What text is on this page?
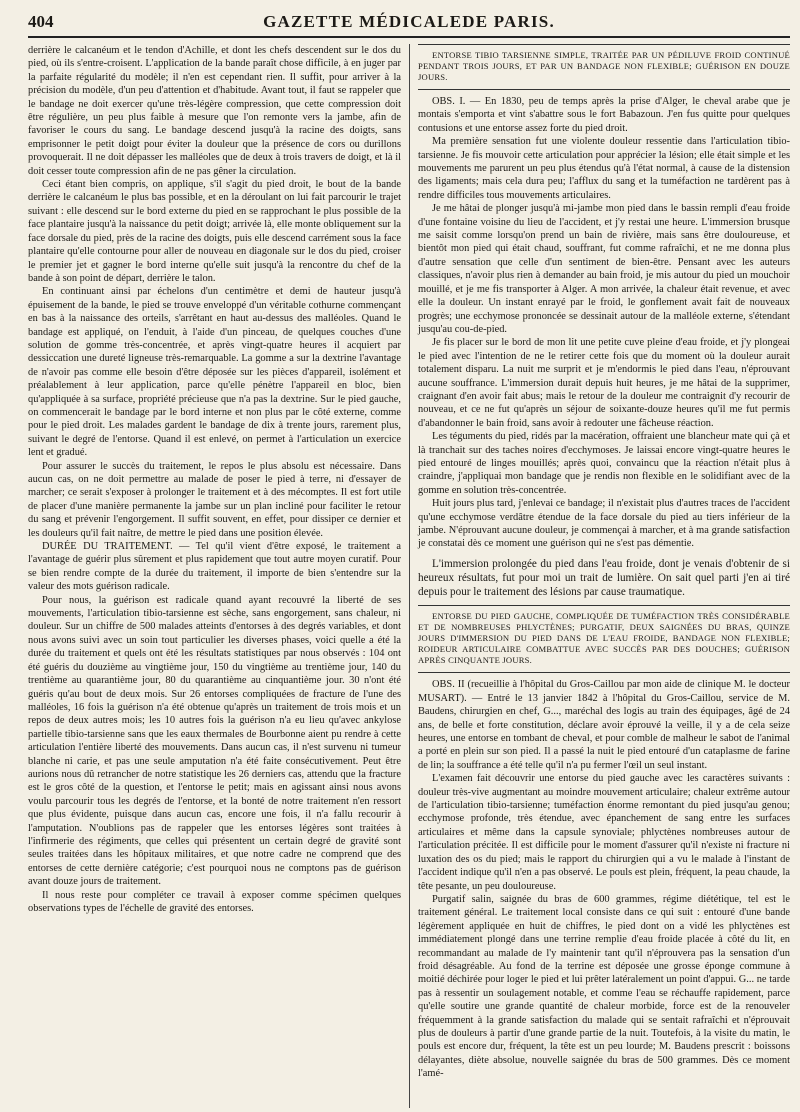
404	GAZETTE MÉDICALEDE PARIS.

derrière le calcanéum et le tendon d'Achille, et dont les chefs descendent sur le dos du pied, où ils s'entre-croisent. L'application de la bande paraît chose difficile, à en juger par la parfaite régularité du modèle; il n'en est cependant rien. Il suffit, pour arriver à la précision du modèle, d'un peu d'attention et d'habitude. Avant tout, il faut se rappeler que le bandage ne doit exercer qu'une très-légère compression, que cette compression doit être régulière, un peu plus faible à mesure que l'on remonte vers la jambe, afin de favoriser le cours du sang. Le bandage descend jusqu'à la racine des doigts, sans emprisonner le petit doigt pour éviter la douleur que la présence de cors ou durillons provoquerait. Il ne doit dépasser les malléoles que de deux à trois travers de doigt, et là il doit cesser toute compression afin de ne pas gêner la circulation.

Ceci étant bien compris, on applique, s'il s'agit du pied droit, le bout de la bande derrière le calcanéum le plus bas possible, et en la déroulant on lui fait parcourir le trajet suivant : elle descend sur le bord externe du pied en se rapprochant le plus possible de la face plantaire jusqu'à la naissance du petit doigt; arrivée là, elle monte obliquement sur la face dorsale du pied, près de la racine des doigts, puis elle descend carrément sous la face plantaire qu'elle contourne pour aller de nouveau en diagonale sur le dos du pied, croiser le premier jet et gagner le bord interne qu'elle suit jusqu'à la rencontre du chef de la bande à son point de départ, derrière le talon.

En continuant ainsi par échelons d'un centimètre et demi de hauteur jusqu'à épuisement de la bande, le pied se trouve enveloppé d'un véritable cothurne commençant en bas à la naissance des orteils, s'arrêtant en haut au-dessus des malléoles. Quand le bandage est appliqué, on l'enduit, à l'aide d'un pinceau, de quelques couches d'une solution de gomme très-concentrée, et après vingt-quatre heures il acquiert par dessiccation une dureté ligneuse très-remarquable. La gomme a sur la dextrine l'avantage de n'avoir pas comme elle besoin d'être déposée sur les pièces d'appareil, isolément et préalablement à leur application, parce qu'elle pénètre l'appareil en bloc, bien qu'appliquée à sa surface, propriété précieuse que n'a pas la dextrine. Sur le pied gauche, on commencerait le bandage par le bord interne et non plus par le côté externe, comme pour le pied droit. Les malades gardent le bandage de dix à trente jours, rarement plus, suivant le degré de l'entorse. Quand il est enlevé, on permet à l'articulation un exercice lent et gradué.

Pour assurer le succès du traitement, le repos le plus absolu est nécessaire. Dans aucun cas, on ne doit permettre au malade de poser le pied à terre, ni d'essayer de marcher; ce serait s'exposer à prolonger le traitement et à des mécomptes. Il est fort utile de placer d'une manière permanente la jambe sur un plan incliné pour faciliter le retour du sang et prévenir l'engorgement. Il suffit souvent, en effet, pour dissiper ce dernier et les douleurs qu'il fait naître, de mettre le pied dans une position élevée.

DURÉE DU TRAITEMENT. — Tel qu'il vient d'être exposé, le traitement a l'avantage de guérir plus sûrement et plus rapidement que tout autre moyen curatif. Pour se bien rendre compte de la durée du traitement, il importe de bien s'entendre sur la valeur des mots guérison radicale.

Pour nous, la guérison est radicale quand ayant recouvré la liberté de ses mouvements, l'articulation tibio-tarsienne est sèche, sans engorgement, sans chaleur, ni douleur. Sur un chiffre de 500 malades atteints d'entorses à des degrés variables, et dont nous avons suivi avec un soin tout particulier les diverses phases, voici quelle a été la durée du traitement et quels ont été les résultats statistiques par nous observés : 104 ont été guéris du douzième au vingtième jour, 150 du vingtième au trentième jour, 140 du trentième au quarantième jour, 80 du quarantième au cinquantième jour. 30 n'ont été guéris qu'au bout de deux mois. Sur 26 entorses compliquées de fracture de l'une des malléoles, 16 fois la guérison n'a été obtenue qu'après un traitement de trois mois et un repos de deux autres mois; les 10 autres fois la guérison n'a eu lieu qu'avec ankylose partielle tibio-tarsienne sans que les eaux thermales de Bourbonne aient pu rendre à cette articulation l'entière liberté des mouvements. Dans aucun cas, il n'est survenu ni tumeur blanche ni carie, et pas une seule amputation n'a été faite consécutivement. Peut être aurions nous dû retrancher de notre statistique les 26 derniers cas, attendu que la fracture est le gros côté de la question, et l'entorse le petit; mais en agissant ainsi nous avons voulu parcourir tous les degrés de l'entorse, et la bonté de notre traitement n'en ressort que plus évidente, puisque dans aucun cas, encore une fois, il n'a fallu recourir à l'amputation. N'oublions pas de rappeler que les entorses légères sont traitées à l'infirmerie des régiments, que celles qui présentent un certain degré de gravité sont seules traitées dans les hôpitaux militaires, et que notre cadre ne comprend que des entorses de cette dernière catégorie; c'est pourquoi nous ne comptons pas de guérison avant douze jours de traitement.

Il nous reste pour compléter ce travail à exposer comme spécimen quelques observations types de l'échelle de gravité des entorses.

ENTORSE TIBIO TARSIENNE SIMPLE, TRAITÉE PAR UN PÉDILUVE FROID CONTINUÉ PENDANT TROIS JOURS, ET PAR UN BANDAGE NON FLEXIBLE; GUÉRISON EN DOUZE JOURS.

OBS. I. — En 1830, peu de temps après la prise d'Alger, le cheval arabe que je montais s'emporta et vint s'abattre sous le fort Babazoun. J'en fus quitte pour quelques contusions et une entorse assez forte du pied droit.

Ma première sensation fut une violente douleur ressentie dans l'articulation tibio-tarsienne. Je fis mouvoir cette articulation pour apprécier la lésion; elle était simple et les mouvements me parurent un peu plus étendus qu'à l'état normal, à cause de la distension des ligaments; mais cela dura peu; l'afflux du sang et la tuméfaction ne tardèrent pas à rendre difficiles tous mouvements articulaires.

Je me hâtai de plonger jusqu'à mi-jambe mon pied dans le bassin rempli d'eau froide d'une fontaine voisine du lieu de l'accident, et j'y restai une heure. L'immersion brusque me saisit comme lorsqu'on prend un bain de rivière, mais sans être douloureuse, et bientôt mon pied qui était chaud, souffrant, fut comme rafraîchi, et ne me donna plus d'autre sensation que celle d'un sentiment de bien-être. Pensant avec les auteurs classiques, n'avoir plus rien à demander au bain froid, je mis autour du pied un mouchoir mouillé, et je me fis transporter à Alger. A mon arrivée, la chaleur était revenue, et avec elle la douleur. Un instant enrayé par le froid, le gonflement avait fait de nouveaux progrès; une ecchymose prononcée se dessinait autour de la malléole externe, s'étendant jusqu'au cou-de-pied.

Je fis placer sur le bord de mon lit une petite cuve pleine d'eau froide, et j'y plongeai le pied avec l'intention de ne le retirer cette fois que du moment où la douleur aurait totalement disparu. La nuit me surprit et je m'endormis le pied dans l'eau, n'éprouvant aucune souffrance. L'immersion durait depuis huit heures, je me hâtai de la supprimer, craignant d'en avoir fait abus; mais le retour de la douleur me contraignit d'y recourir de nouveau, et ce ne fut qu'après un séjour de soixante-douze heures qu'il me fut permis d'abandonner le bain froid, sans avoir à redouter une fâcheuse réaction.

Les téguments du pied, ridés par la macération, offraient une blancheur mate qui çà et là tranchait sur des taches noires d'ecchymoses. Je laissai encore vingt-quatre heures le pied entouré de linges mouillés; après quoi, convaincu que la réaction n'était plus à craindre, j'appliquai mon bandage que je rendis non flexible en le solidifiant avec de la gomme en solution très-concentrée.

Huit jours plus tard, j'enlevai ce bandage; il n'existait plus d'autres traces de l'accident qu'une ecchymose verdâtre étendue de la face dorsale du pied au tiers inférieur de la jambe. N'éprouvant aucune douleur, je commençai à marcher, et à ma grande satisfaction je constatai dès ce moment une guérison qui ne s'est pas démentie.

L'immersion prolongée du pied dans l'eau froide, dont je venais d'obtenir de si heureux résultats, fut pour moi un trait de lumière. On sait quel parti j'en ai tiré depuis pour le traitement des lésions par cause traumatique.

ENTORSE DU PIED GAUCHE, COMPLIQUÉE DE TUMÉFACTION TRÈS CONSIDÉRABLE ET DE NOMBREUSES PHLYCTÈNES; PURGATIF, DEUX SAIGNÉES DU BRAS, QUINZE JOURS D'IMMERSION DU PIED DANS DE L'EAU FROIDE, BANDAGE NON FLEXIBLE; ROIDEUR ARTICULAIRE COMBATTUE AVEC SUCCÈS PAR DES DOUCHES; GUÉRISON APRÈS CINQUANTE JOURS.

OBS. II (recueillie à l'hôpital du Gros-Caillou par mon aide de clinique M. le docteur MUSART). — Entré le 13 janvier 1842 à l'hôpital du Gros-Caillou, service de M. Baudens, chirurgien en chef, G..., maréchal des logis au train des équipages, âgé de 24 ans, de belle et forte constitution, déclare avoir éprouvé la veille, il y a de cela seize heures, une entorse en tombant de cheval, et pour comble de malheur le sabot de l'animal a porté en plein sur son pied. Il a passé la nuit le pied entouré d'un cataplasme de farine de lin; la souffrance a été telle qu'il n'a pu fermer l'œil un seul instant.

L'examen fait découvrir une entorse du pied gauche avec les caractères suivants : douleur très-vive augmentant au moindre mouvement articulaire; chaleur extrême autour de l'articulation tibio-tarsienne; tuméfaction énorme remontant du pied jusqu'au genou; ecchymose profonde, très étendue, avec épanchement de sang entre les surfaces articulaires et même dans la capsule synoviale; phlyctènes nombreuses autour de l'articulation précitée. Il est difficile pour le moment d'assurer qu'il n'existe ni fracture ni luxation des os du pied; mais le rapport du chirurgien qui a vu le malade à l'instant de l'accident indique qu'il n'en a pas observé. Le pouls est plein, fréquent, la peau chaude, la tête pesante, un peu douloureuse.

Purgatif salin, saignée du bras de 600 grammes, régime diététique, tel est le traitement général. Le traitement local consiste dans ce qui suit : entouré d'une bande légèrement appliquée en huit de chiffres, le pied dont on a vidé les phlyctènes est immédiatement plongé dans une terrine remplie d'eau froide placée à côté du lit, en recommandant au malade de l'y maintenir tant qu'il n'éprouvera pas la sensation d'un froid désagréable. Au fond de la terrine est déposée une grosse éponge commune à moitié déchirée pour loger le pied et lui prêter latéralement un point d'appui. G... ne tarde pas à ressentir un soulagement notable, et comme l'eau se réchauffe rapidement, parce qu'elle soutire une grande quantité de chaleur morbide, force est de la renouveler fréquemment à la grande satisfaction du malade qui se sentait rafraîchi et n'éprouvait plus de douleurs à partir d'une grande partie de la nuit. Toutefois, à la visite du matin, le pouls est encore dur, fréquent, la tête est un peu lourde; M. Baudens prescrit : boissons délayantes, diète absolue, nouvelle saignée du bras de 500 grammes. Dès ce moment l'amé-
